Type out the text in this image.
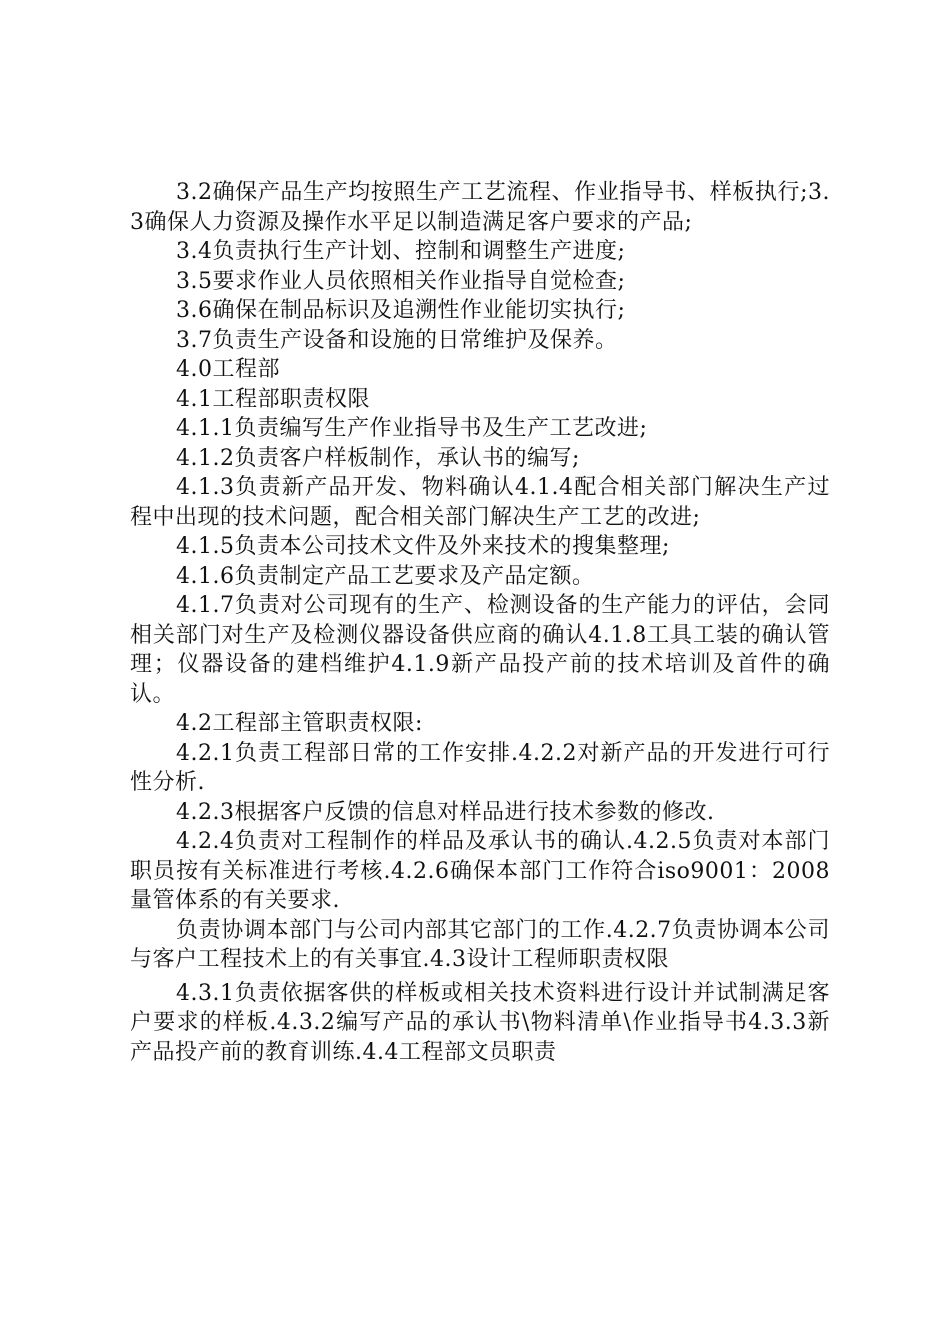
3.2确保产品生产均按照生产工艺流程、作业指导书、样板执行;3.3确保人力资源及操作水平足以制造满足客户要求的产品;

3.4负责执行生产计划、控制和调整生产进度;

3.5要求作业人员依照相关作业指导自觉检查;

3.6确保在制品标识及追溯性作业能切实执行;

3.7负责生产设备和设施的日常维护及保养。

4.0工程部

4.1工程部职责权限

4.1.1负责编写生产作业指导书及生产工艺改进;

4.1.2负责客户样板制作，承认书的编写;

4.1.3负责新产品开发、物料确认4.1.4配合相关部门解决生产过程中出现的技术问题，配合相关部门解决生产工艺的改进;

4.1.5负责本公司技术文件及外来技术的搜集整理;

4.1.6负责制定产品工艺要求及产品定额。

4.1.7负责对公司现有的生产、检测设备的生产能力的评估，会同相关部门对生产及检测仪器设备供应商的确认4.1.8工具工装的确认管理；仪器设备的建档维护4.1.9新产品投产前的技术培训及首件的确认。

4.2工程部主管职责权限:

4.2.1负责工程部日常的工作安排.4.2.2对新产品的开发进行可行性分析.

4.2.3根据客户反馈的信息对样品进行技术参数的修改.

4.2.4负责对工程制作的样品及承认书的确认.4.2.5负责对本部门职员按有关标准进行考核.4.2.6确保本部门工作符合iso9001：2008量管体系的有关要求.

负责协调本部门与公司内部其它部门的工作.4.2.7负责协调本公司与客户工程技术上的有关事宜.4.3设计工程师职责权限

4.3.1负责依据客供的样板或相关技术资料进行设计并试制满足客户要求的样板.4.3.2编写产品的承认书\物料清单\作业指导书4.3.3新产品投产前的教育训练.4.4工程部文员职责
